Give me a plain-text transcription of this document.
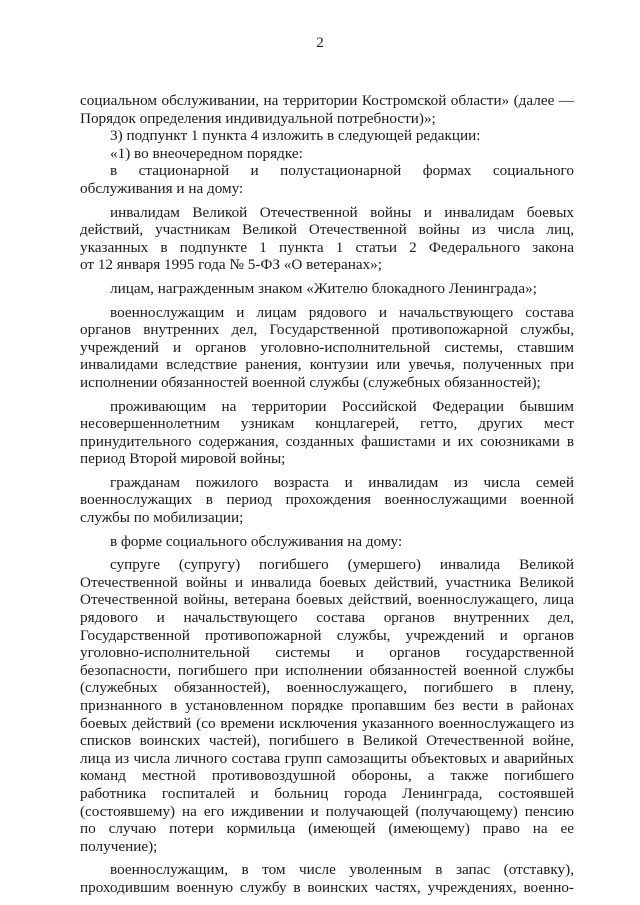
2
социальном обслуживании, на территории Костромской области» (далее —
Порядок определения индивидуальной потребности)»;
3) подпункт 1 пункта 4 изложить в следующей редакции:
«1) во внеочередном порядке:
в стационарной и полустационарной формах социального
обслуживания и на дому:
инвалидам Великой Отечественной войны и инвалидам боевых
действий, участникам Великой Отечественной войны из числа лиц,
указанных в подпункте 1 пункта 1 статьи 2 Федерального закона
от 12 января 1995 года № 5-ФЗ «О ветеранах»;
лицам, награжденным знаком «Жителю блокадного Ленинграда»;
военнослужащим и лицам рядового и начальствующего состава
органов внутренних дел, Государственной противопожарной службы,
учреждений и органов уголовно-исполнительной системы, ставшим
инвалидами вследствие ранения, контузии или увечья, полученных при
исполнении обязанностей военной службы (служебных обязанностей);
проживающим на территории Российской Федерации бывшим
несовершеннолетним узникам концлагерей, гетто, других мест
принудительного содержания, созданных фашистами и их союзниками в
период Второй мировой войны;
гражданам пожилого возраста и инвалидам из числа семей
военнослужащих в период прохождения военнослужащими военной
службы по мобилизации;
в форме социального обслуживания на дому:
супруге (супругу) погибшего (умершего) инвалида Великой
Отечественной войны и инвалида боевых действий, участника Великой
Отечественной войны, ветерана боевых действий, военнослужащего, лица
рядового и начальствующего состава органов внутренних дел,
Государственной противопожарной службы, учреждений и органов
уголовно-исполнительной системы и органов государственной
безопасности, погибшего при исполнении обязанностей военной службы
(служебных обязанностей), военнослужащего, погибшего в плену,
признанного в установленном порядке пропавшим без вести в районах
боевых действий (со времени исключения указанного военнослужащего из
списков воинских частей), погибшего в Великой Отечественной войне,
лица из числа личного состава групп самозащиты объектовых и аварийных
команд местной противовоздушной обороны, а также погибшего
работника госпиталей и больниц города Ленинграда, состоявшей
(состоявшему) на его иждивении и получающей (получающему) пенсию
по случаю потери кормильца (имеющей (имеющему) право на ее
получение);
военнослужащим, в том числе уволенным в запас (отставку),
проходившим военную службу в воинских частях, учреждениях, военно-
